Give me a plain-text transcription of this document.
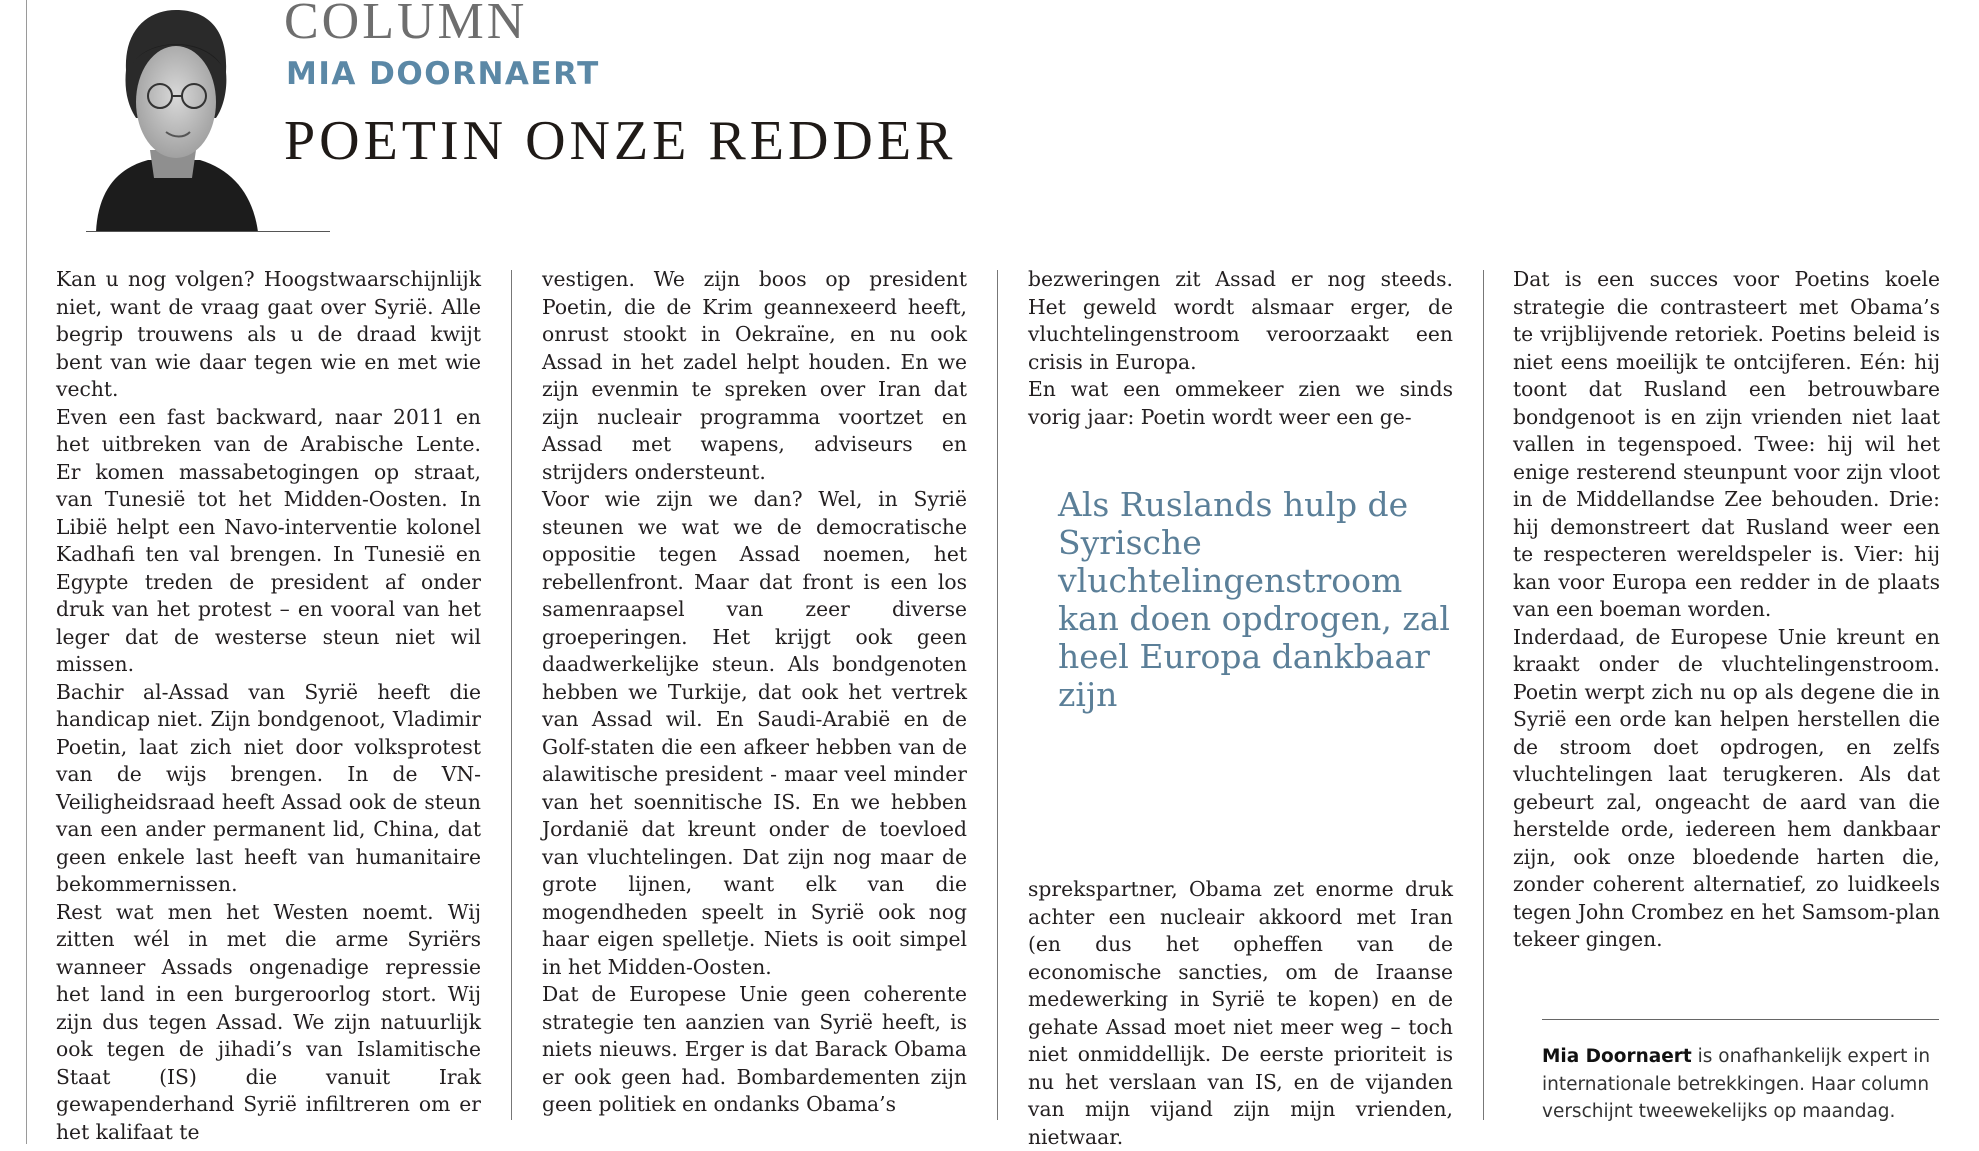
COLUMN
MIA DOORNAERT
POETIN ONZE REDDER

Kan u nog volgen? Hoogstwaarschijnlijk niet, want de vraag gaat over Syrië. Alle begrip trouwens als u de draad kwijt bent van wie daar tegen wie en met wie vecht.

Even een fast backward, naar 2011 en het uitbreken van de Arabische Lente. Er komen massabetogingen op straat, van Tunesië tot het Midden-Oosten. In Libië helpt een Navo-interventie kolonel Kadhafi ten val brengen. In Tunesië en Egypte treden de president af onder druk van het protest – en vooral van het leger dat de westerse steun niet wil missen.

Bachir al-Assad van Syrië heeft die handicap niet. Zijn bondgenoot, Vladimir Poetin, laat zich niet door volksprotest van de wijs brengen. In de VN-Veiligheidsraad heeft Assad ook de steun van een ander permanent lid, China, dat geen enkele last heeft van humanitaire bekommernissen.

Rest wat men het Westen noemt. Wij zitten wél in met die arme Syriërs wanneer Assads ongenadige repressie het land in een burgeroorlog stort. Wij zijn dus tegen Assad. We zijn natuurlijk ook tegen de jihadi’s van Islamitische Staat (IS) die vanuit Irak gewapenderhand Syrië infiltreren om er het kalifaat te

vestigen. We zijn boos op president Poetin, die de Krim geannexeerd heeft, onrust stookt in Oekraïne, en nu ook Assad in het zadel helpt houden. En we zijn evenmin te spreken over Iran dat zijn nucleair programma voortzet en Assad met wapens, adviseurs en strijders ondersteunt.

Voor wie zijn we dan? Wel, in Syrië steunen we wat we de democratische oppositie tegen Assad noemen, het rebellenfront. Maar dat front is een los samenraapsel van zeer diverse groeperingen. Het krijgt ook geen daadwerkelijke steun. Als bondgenoten hebben we Turkije, dat ook het vertrek van Assad wil. En Saudi-Arabië en de Golf-staten die een afkeer hebben van de alawitische president - maar veel minder van het soennitische IS. En we hebben Jordanië dat kreunt onder de toevloed van vluchtelingen. Dat zijn nog maar de grote lijnen, want elk van die mogendheden speelt in Syrië ook nog haar eigen spelletje. Niets is ooit simpel in het Midden-Oosten.

Dat de Europese Unie geen coherente strategie ten aanzien van Syrië heeft, is niets nieuws. Erger is dat Barack Obama er ook geen had. Bombardementen zijn geen politiek en ondanks Obama’s

bezweringen zit Assad er nog steeds. Het geweld wordt alsmaar erger, de vluchtelingenstroom veroorzaakt een crisis in Europa.

En wat een ommekeer zien we sinds vorig jaar: Poetin wordt weer een ge-

Als Ruslands hulp de Syrische vluchtelingenstroom kan doen opdrogen, zal heel Europa dankbaar zijn

sprekspartner, Obama zet enorme druk achter een nucleair akkoord met Iran (en dus het opheffen van de economische sancties, om de Iraanse medewerking in Syrië te kopen) en de gehate Assad moet niet meer weg – toch niet onmiddellijk. De eerste prioriteit is nu het verslaan van IS, en de vijanden van mijn vijand zijn mijn vrienden, nietwaar.

Dat is een succes voor Poetins koele strategie die contrasteert met Obama’s te vrijblijvende retoriek. Poetins beleid is niet eens moeilijk te ontcijferen. Eén: hij toont dat Rusland een betrouwbare bondgenoot is en zijn vrienden niet laat vallen in tegenspoed. Twee: hij wil het enige resterend steunpunt voor zijn vloot in de Middellandse Zee behouden. Drie: hij demonstreert dat Rusland weer een te respecteren wereldspeler is. Vier: hij kan voor Europa een redder in de plaats van een boeman worden.

Inderdaad, de Europese Unie kreunt en kraakt onder de vluchtelingenstroom. Poetin werpt zich nu op als degene die in Syrië een orde kan helpen herstellen die de stroom doet opdrogen, en zelfs vluchtelingen laat terugkeren. Als dat gebeurt zal, ongeacht de aard van die herstelde orde, iedereen hem dankbaar zijn, ook onze bloedende harten die, zonder coherent alternatief, zo luidkeels tegen John Crombez en het Samsom-plan tekeer gingen.

Mia Doornaert is onafhankelijk expert in internationale betrekkingen. Haar column verschijnt tweewekelijks op maandag.
